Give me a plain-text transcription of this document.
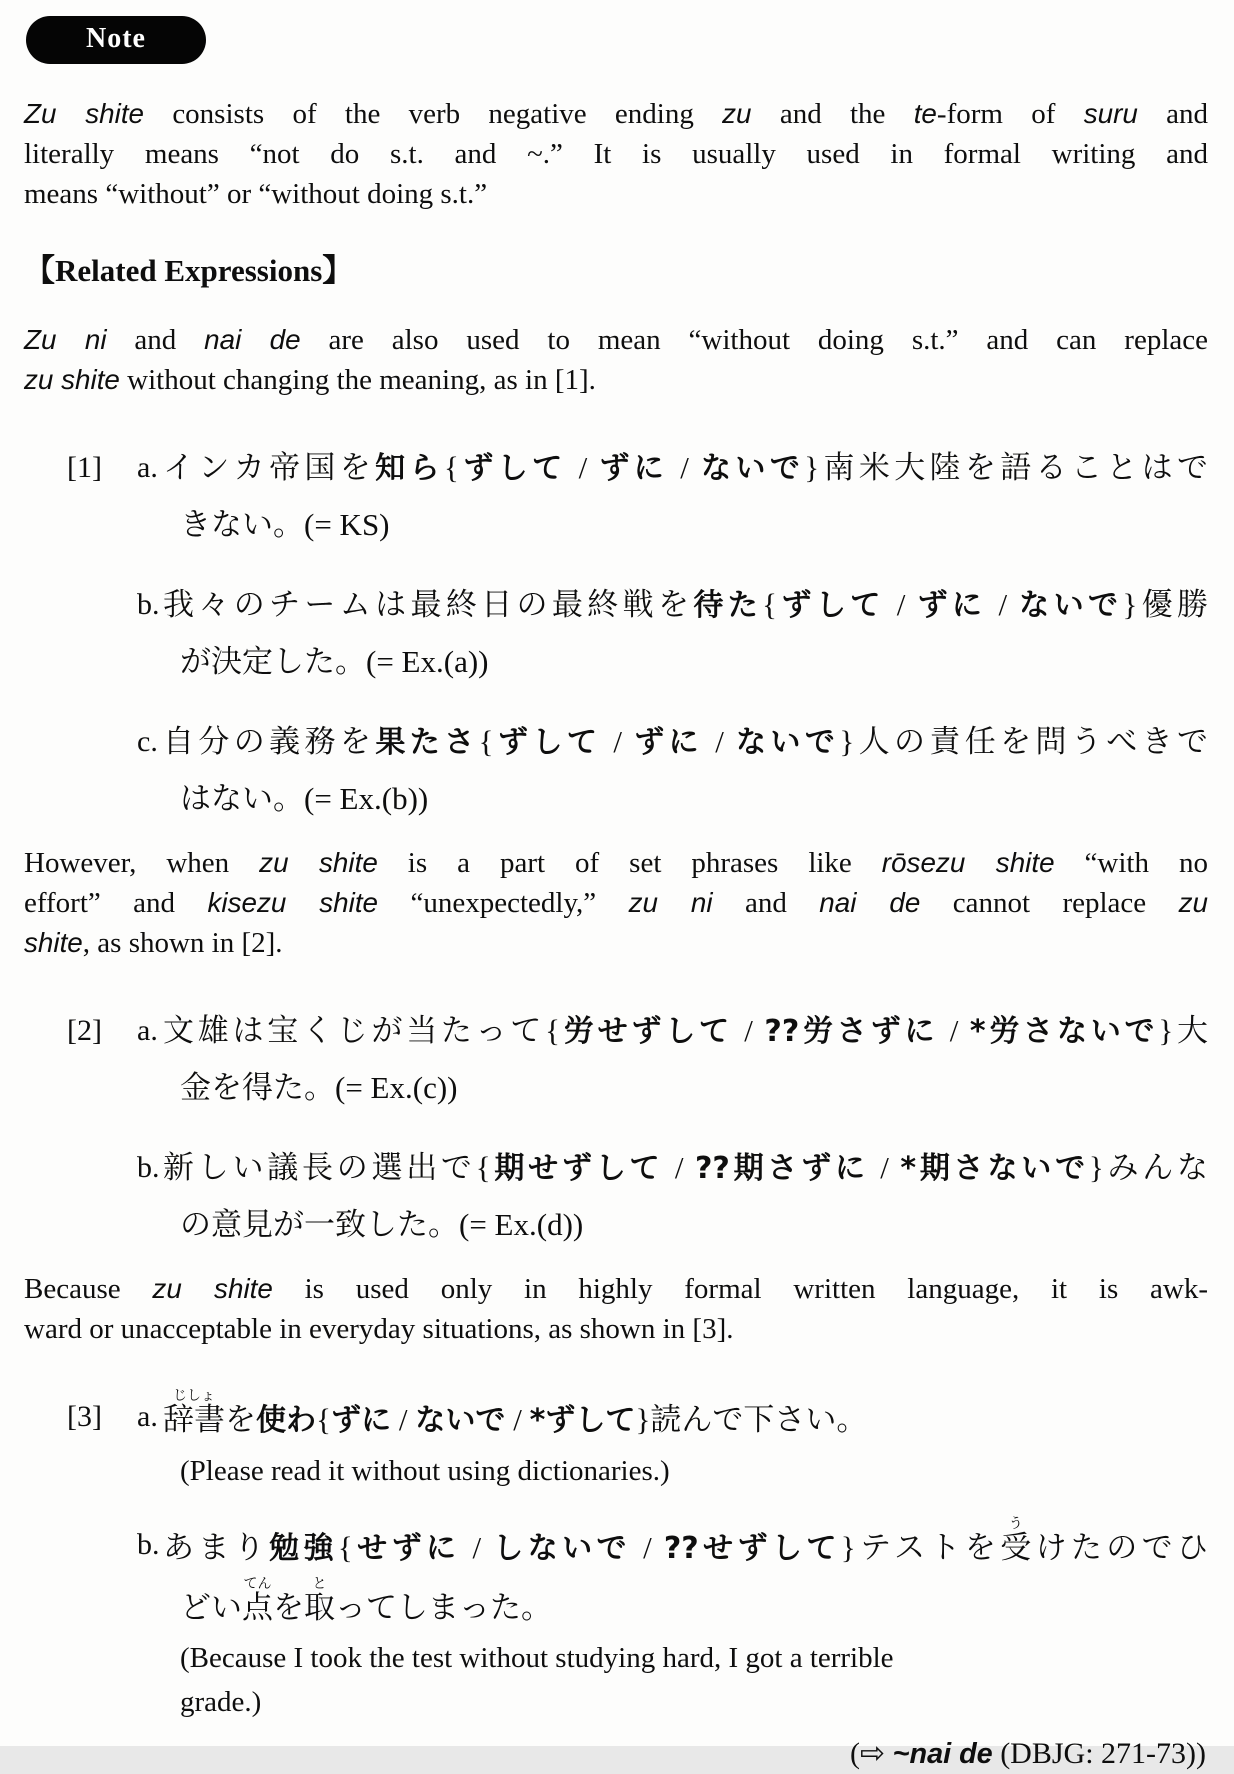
Note
Zu shite consists of the verb negative ending zu and the te-form of suru and
literally means “not do s.t. and ~.” It is usually used in formal writing and
means “without” or “without doing s.t.”
【Related Expressions】
Zu ni and nai de are also used to mean “without doing s.t.” and can replace
zu shite without changing the meaning, as in [1].
[1]	a. インカ帝国を知ら{ずして / ずに / ないで}南米大陸を語ることはで
きない。(= KS)
b. 我々のチームは最終日の最終戦を待た{ずして / ずに / ないで}優勝
が決定した。(= Ex.(a))
c. 自分の義務を果たさ{ずして / ずに / ないで}人の責任を問うべきで
はない。(= Ex.(b))
However, when zu shite is a part of set phrases like rōsezu shite “with no
effort” and kisezu shite “unexpectedly,” zu ni and nai de cannot replace zu
shite, as shown in [2].
[2]	a. 文雄は宝くじが当たって{労せずして / ??労さずに / *労さないで}大
金を得た。(= Ex.(c))
b. 新しい議長の選出で{期せずして / ??期さずに / *期さないで}みんな
の意見が一致した。(= Ex.(d))
Because zu shite is used only in highly formal written language, it is awk-
ward or unacceptable in everyday situations, as shown in [3].
[3]	a. 辞書じしょを使わ{ずに / ないで / *ずして}読んで下さい。
(Please read it without using dictionaries.)
b. あまり勉強{せずに / しないで / ??せずして}テストを受うけたのでひ
どい点てんを取とってしまった。
(Because I took the test without studying hard, I got a terrible
grade.)
(⇨ ~nai de (DBJG: 271-73))
